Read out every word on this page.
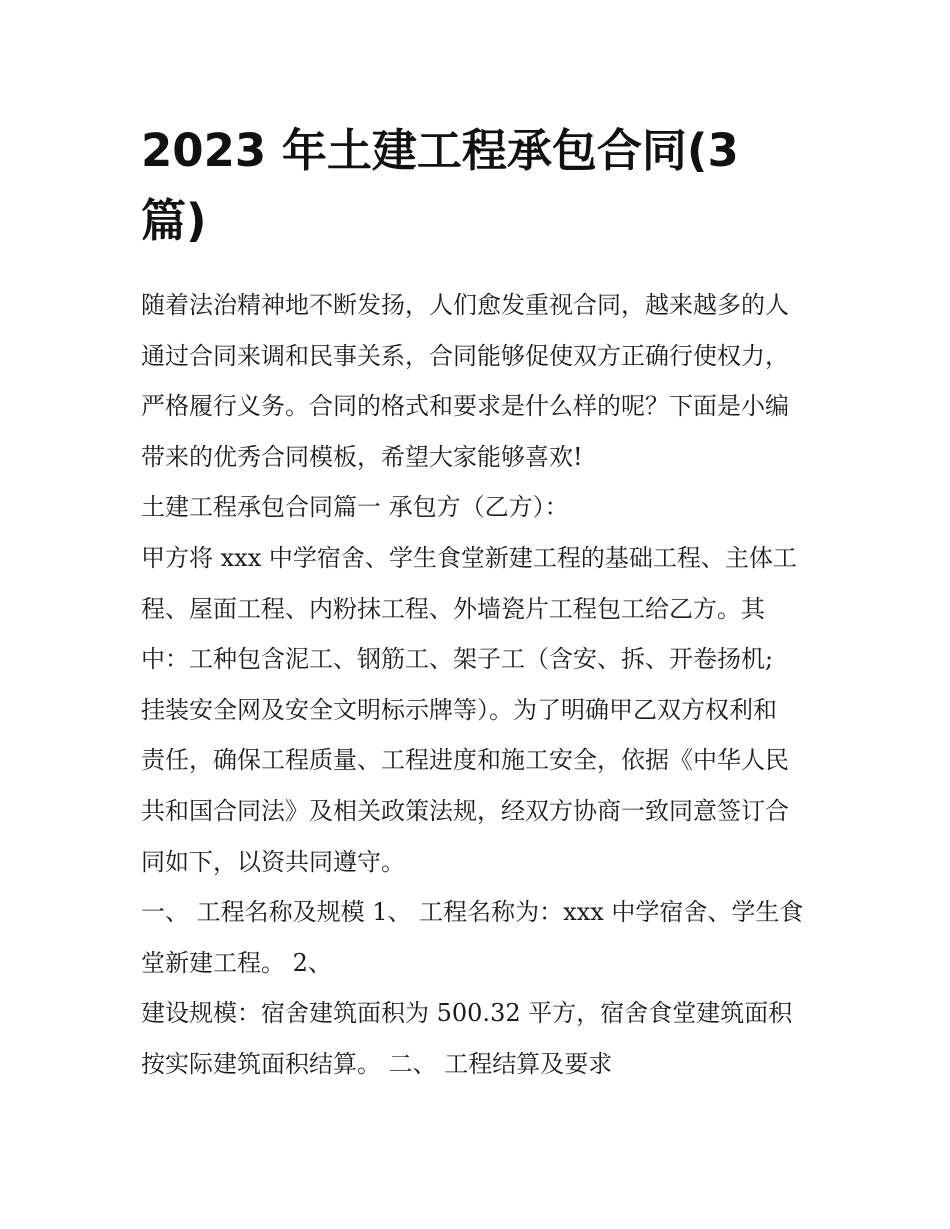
2023 年土建工程承包合同(3
篇)
随着法治精神地不断发扬，人们愈发重视合同，越来越多的人
通过合同来调和民事关系，合同能够促使双方正确行使权力，
严格履行义务。合同的格式和要求是什么样的呢？下面是小编
带来的优秀合同模板，希望大家能够喜欢!
土建工程承包合同篇一 承包方（乙方）：
甲方将 xxx 中学宿舍、学生食堂新建工程的基础工程、主体工
程、屋面工程、内粉抹工程、外墙瓷片工程包工给乙方。其
中：工种包含泥工、钢筋工、架子工（含安、拆、开卷扬机;
挂装安全网及安全文明标示牌等）。为了明确甲乙双方权利和
责任，确保工程质量、工程进度和施工安全，依据《中华人民
共和国合同法》及相关政策法规，经双方协商一致同意签订合
同如下，以资共同遵守。
一、 工程名称及规模 1、 工程名称为：xxx 中学宿舍、学生食
堂新建工程。 2、
建设规模：宿舍建筑面积为 500.32 平方，宿舍食堂建筑面积
按实际建筑面积结算。 二、 工程结算及要求
